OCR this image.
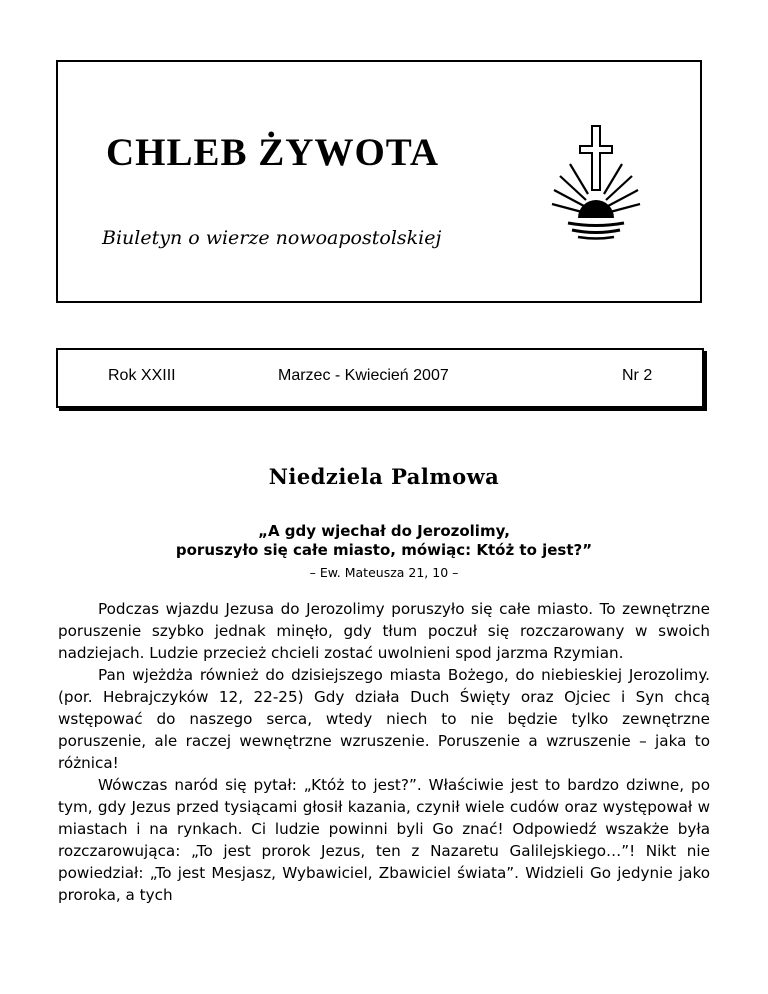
CHLEB ŻYWOTA
Biuletyn o wierze nowoapostolskiej
Rok XXIII	Marzec - Kwiecień 2007	Nr 2
Niedziela Palmowa
„A gdy wjechał do Jerozolimy,
poruszyło się całe miasto, mówiąc: Któż to jest?”
– Ew. Mateusza 21, 10 –

Podczas wjazdu Jezusa do Jerozolimy poruszyło się całe miasto. To zewnętrzne poruszenie szybko jednak minęło, gdy tłum poczuł się rozczarowany w swoich nadziejach. Ludzie przecież chcieli zostać uwolnieni spod jarzma Rzymian.

Pan wjeżdża również do dzisiejszego miasta Bożego, do niebieskiej Jerozolimy. (por. Hebrajczyków 12, 22-25) Gdy działa Duch Święty oraz Ojciec i Syn chcą wstępować do naszego serca, wtedy niech to nie będzie tylko zewnętrzne poruszenie, ale raczej wewnętrzne wzruszenie. Poruszenie a wzruszenie – jaka to różnica!

Wówczas naród się pytał: „Któż to jest?”. Właściwie jest to bardzo dziwne, po tym, gdy Jezus przed tysiącami głosił kazania, czynił wiele cudów oraz występował w miastach i na rynkach. Ci ludzie powinni byli Go znać! Odpowiedź wszakże była rozczarowująca: „To jest prorok Jezus, ten z Nazaretu Galilejskiego…”! Nikt nie powiedział: „To jest Mesjasz, Wybawiciel, Zbawiciel świata”. Widzieli Go jedynie jako proroka, a tych
